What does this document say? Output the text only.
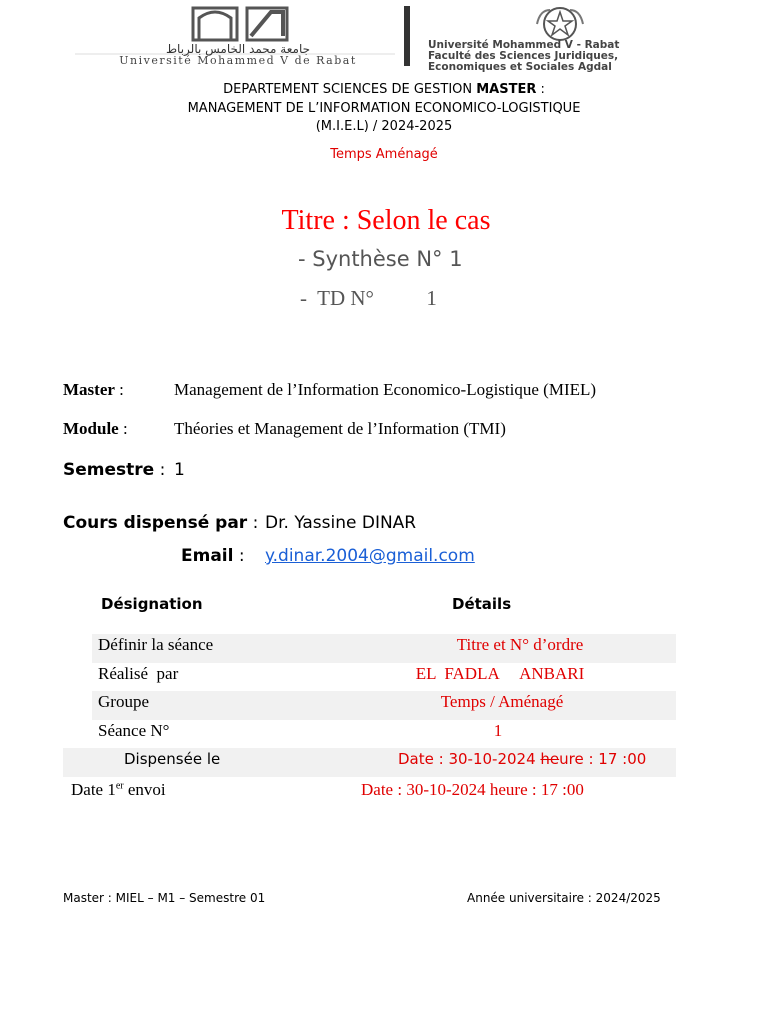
جامعة محمد الخامس بالرباط
Université Mohammed V de Rabat
Université Mohammed V - Rabat
Faculté des Sciences Juridiques,
Economiques et Sociales Agdal
DEPARTEMENT SCIENCES DE GESTION MASTER :
MANAGEMENT DE L’INFORMATION ECONOMICO-LOGISTIQUE
(M.I.E.L) / 2024-2025
Temps Aménagé
Titre : Selon le cas
- Synthèse N° 1
-  TD N°          1
Master :	Management de l’Information Economico-Logistique (MIEL)
Module :	Théories et Management de l’Information (TMI)
Semestre : 1
Cours dispensé par : Dr. Yassine DINAR
Email : y.dinar.2004@gmail.com
Désignation	Détails
Définir la séance	Titre et N° d’ordre
Réalisé  par	EL  FADLA     ANBARI
Groupe	Temps / Aménagé
Séance N°	1
Dispensée le	Date : 30-10-2024 heure : 17 :00
Date 1er envoi	Date : 30-10-2024 heure : 17 :00
Master : MIEL – M1 – Semestre 01	Année universitaire : 2024/2025
